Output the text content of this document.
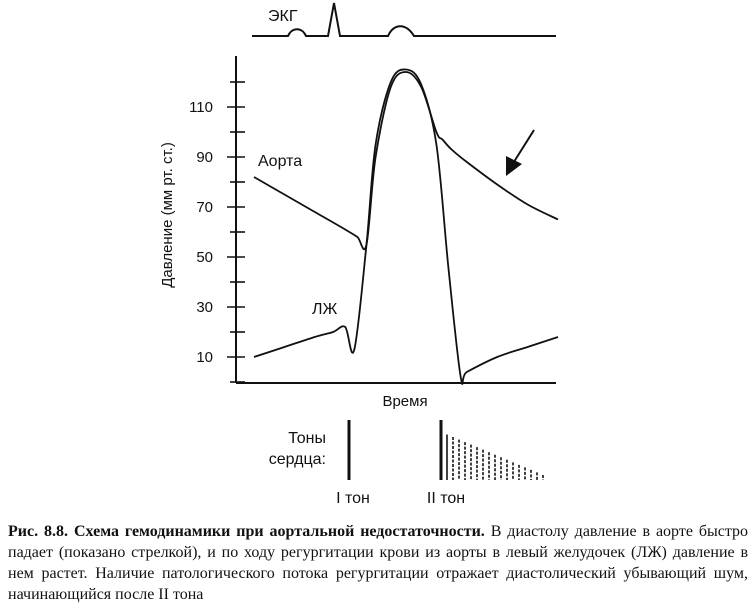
ЭКГ
10
30
50
70
90
110
Давление (мм рт. ст.)
Время
Аорта
ЛЖ
Тоны
сердца:
I тон	II тон
Рис. 8.8. Схема гемодинамики при аортальной недостаточности. В диастолу давление в аорте быстро падает (показано стрелкой), и по ходу регургитации крови из аорты в левый желудочек (ЛЖ) давление в нем растет. Наличие патологического потока регургитации отражает диастолический убывающий шум, начинающийся после II тона
